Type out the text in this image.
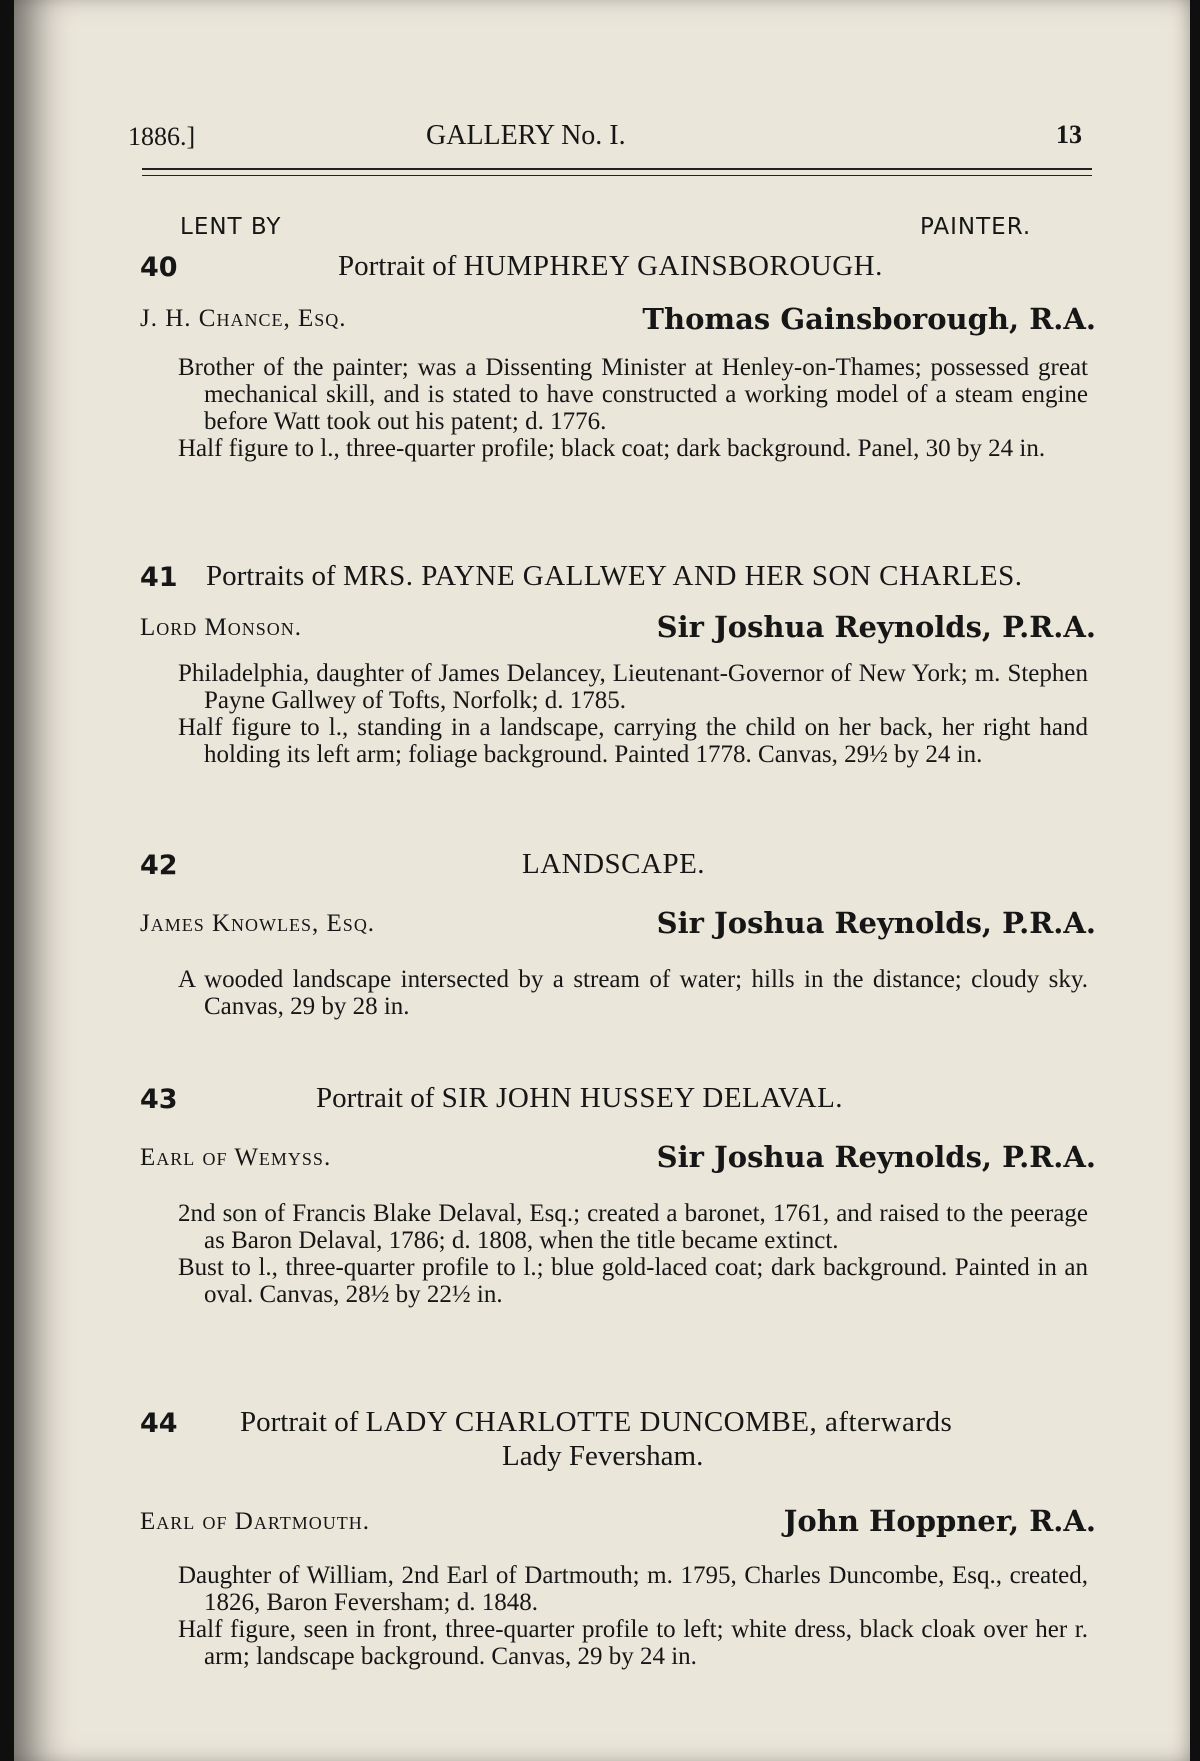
1886.]	GALLERY No. I.	13
LENT BY	PAINTER.
40	Portrait of HUMPHREY GAINSBOROUGH.
J. H. Chance, Esq.	Thomas Gainsborough, R.A.

Brother of the painter; was a Dissenting Minister at Henley-on-Thames; possessed great mechanical skill, and is stated to have constructed a working model of a steam engine before Watt took out his patent; d. 1776.

Half figure to l., three-quarter profile; black coat; dark background. Panel, 30 by 24 in.

41 Portraits of MRS. PAYNE GALLWEY AND HER SON CHARLES.
Lord Monson.	Sir Joshua Reynolds, P.R.A.

Philadelphia, daughter of James Delancey, Lieutenant-Governor of New York; m. Stephen Payne Gallwey of Tofts, Norfolk; d. 1785.

Half figure to l., standing in a landscape, carrying the child on her back, her right hand holding its left arm; foliage background. Painted 1778. Canvas, 29½ by 24 in.

42	LANDSCAPE.
James Knowles, Esq.	Sir Joshua Reynolds, P.R.A.

A wooded landscape intersected by a stream of water; hills in the distance; cloudy sky. Canvas, 29 by 28 in.

43	Portrait of SIR JOHN HUSSEY DELAVAL.
Earl of Wemyss.	Sir Joshua Reynolds, P.R.A.

2nd son of Francis Blake Delaval, Esq.; created a baronet, 1761, and raised to the peerage as Baron Delaval, 1786; d. 1808, when the title became extinct.

Bust to l., three-quarter profile to l.; blue gold-laced coat; dark background. Painted in an oval. Canvas, 28½ by 22½ in.

44 Portrait of LADY CHARLOTTE DUNCOMBE, afterwards
Lady Feversham.
Earl of Dartmouth.	John Hoppner, R.A.

Daughter of William, 2nd Earl of Dartmouth; m. 1795, Charles Duncombe, Esq., created, 1826, Baron Feversham; d. 1848.

Half figure, seen in front, three-quarter profile to left; white dress, black cloak over her r. arm; landscape background. Canvas, 29 by 24 in.
